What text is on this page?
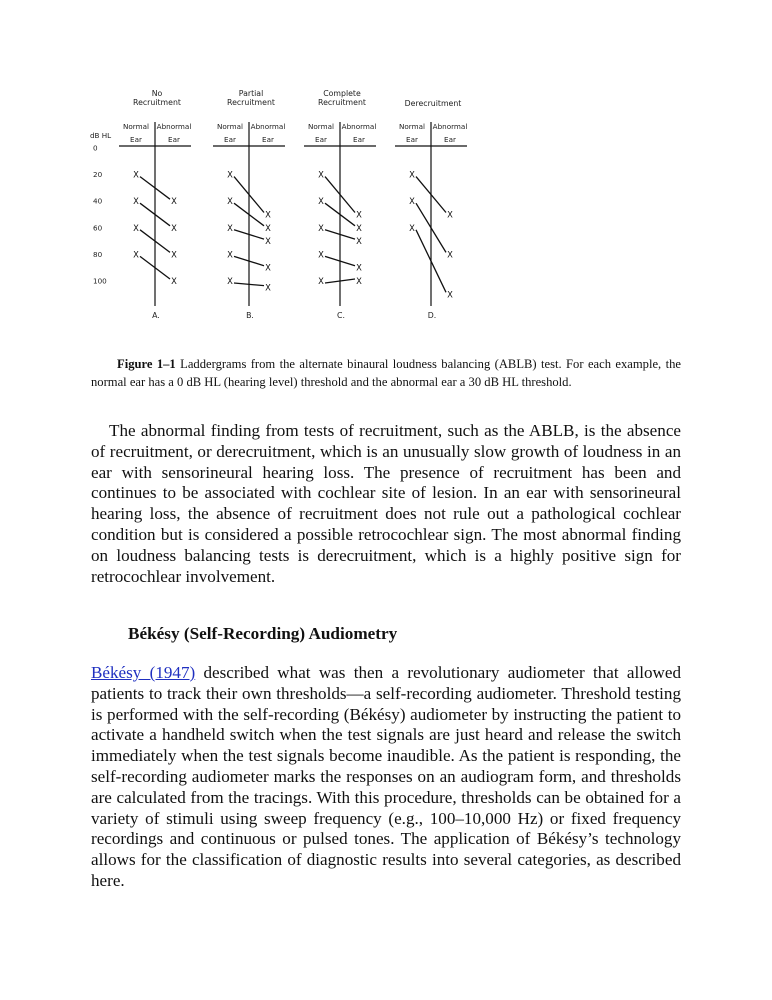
dB HL
0
20
40
60
80
100
No
Recruitment
Normal
Ear
Abnormal
Ear
X
X
X
X
X
X
X
X
A.
Partial
Recruitment
Normal
Ear
Abnormal
Ear
X
X
X
X
X
X
X
X
X
X
B.
Complete
Recruitment
Normal
Ear
Abnormal
Ear
X
X
X
X
X
X
X
X
X
X
C.
Derecruitment
Normal
Ear
Abnormal
Ear
X
X
X
X
X
X
D.

Figure 1–1 Laddergrams from the alternate binaural loudness balancing (ABLB) test. For each example, the normal ear has a 0 dB HL (hearing level) threshold and the abnormal ear a 30 dB HL threshold.

The abnormal finding from tests of recruitment, such as the ABLB, is the absence of recruitment, or derecruitment, which is an unusually slow growth of loudness in an ear with sensorineural hearing loss. The presence of recruitment has been and continues to be associated with cochlear site of lesion. In an ear with sensorineural hearing loss, the absence of recruitment does not rule out a pathological cochlear condition but is considered a possible retrocochlear sign. The most abnormal finding on loudness balancing tests is derecruitment, which is a highly positive sign for retrocochlear involvement.

Békésy (Self-Recording) Audiometry

Békésy (1947) described what was then a revolutionary audiometer that allowed patients to track their own thresholds—a self-recording audiometer. Threshold testing is performed with the self-recording (Békésy) audiometer by instructing the patient to activate a handheld switch when the test signals are just heard and release the switch immediately when the test signals become inaudible. As the patient is responding, the self-recording audiometer marks the responses on an audiogram form, and thresholds are calculated from the tracings. With this procedure, thresholds can be obtained for a variety of stimuli using sweep frequency (e.g., 100–10,000 Hz) or fixed frequency recordings and continuous or pulsed tones. The application of Békésy’s technology allows for the classification of diagnostic results into several categories, as described here.
